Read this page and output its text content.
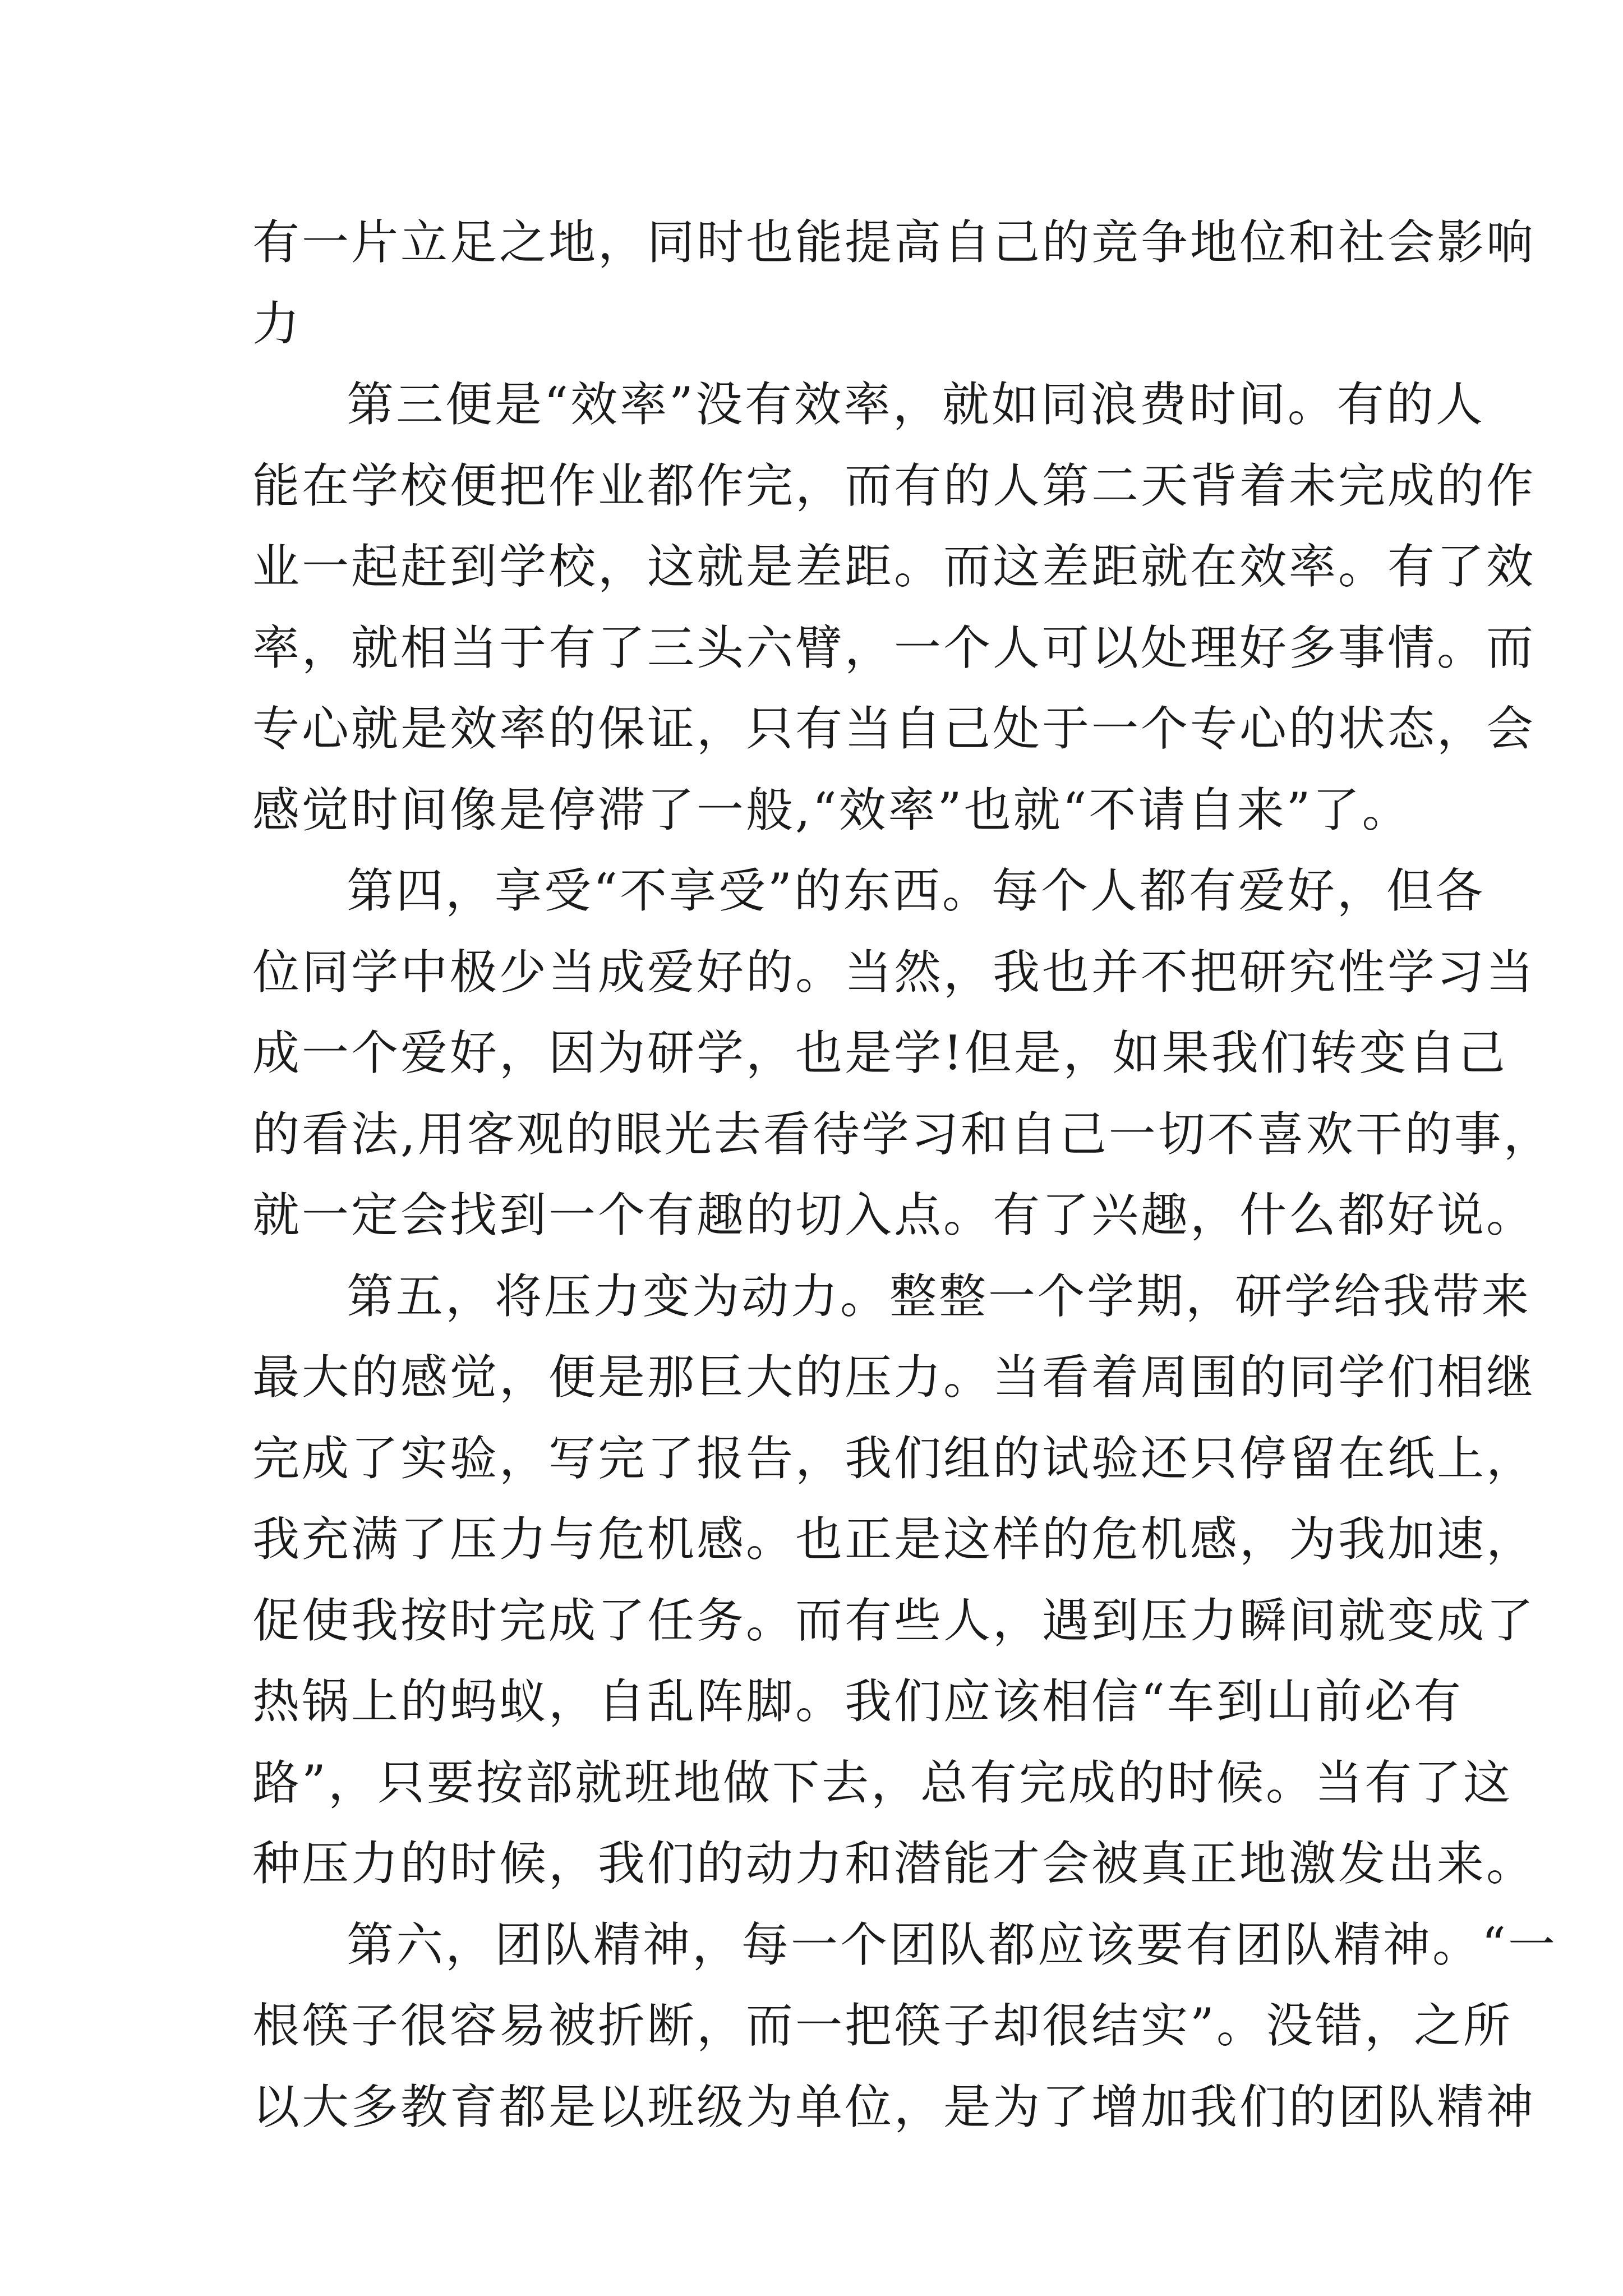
有一片立足之地，同时也能提高自己的竞争地位和社会影响
力
第三便是“效率”没有效率，就如同浪费时间。有的人
能在学校便把作业都作完，而有的人第二天背着未完成的作
业一起赶到学校，这就是差距。而这差距就在效率。有了效
率，就相当于有了三头六臂，一个人可以处理好多事情。而
专心就是效率的保证，只有当自己处于一个专心的状态，会
感觉时间像是停滞了一般,“效率”也就“不请自来”了。
第四，享受“不享受”的东西。每个人都有爱好，但各
位同学中极少当成爱好的。当然，我也并不把研究性学习当
成一个爱好，因为研学，也是学!但是，如果我们转变自己
的看法,用客观的眼光去看待学习和自己一切不喜欢干的事，
就一定会找到一个有趣的切入点。有了兴趣，什么都好说。
第五，将压力变为动力。整整一个学期，研学给我带来
最大的感觉，便是那巨大的压力。当看着周围的同学们相继
完成了实验，写完了报告，我们组的试验还只停留在纸上，
我充满了压力与危机感。也正是这样的危机感，为我加速，
促使我按时完成了任务。而有些人，遇到压力瞬间就变成了
热锅上的蚂蚁，自乱阵脚。我们应该相信“车到山前必有
路”，只要按部就班地做下去，总有完成的时候。当有了这
种压力的时候，我们的动力和潜能才会被真正地激发出来。
第六，团队精神，每一个团队都应该要有团队精神。“一
根筷子很容易被折断，而一把筷子却很结实”。没错，之所
以大多教育都是以班级为单位，是为了增加我们的团队精神
